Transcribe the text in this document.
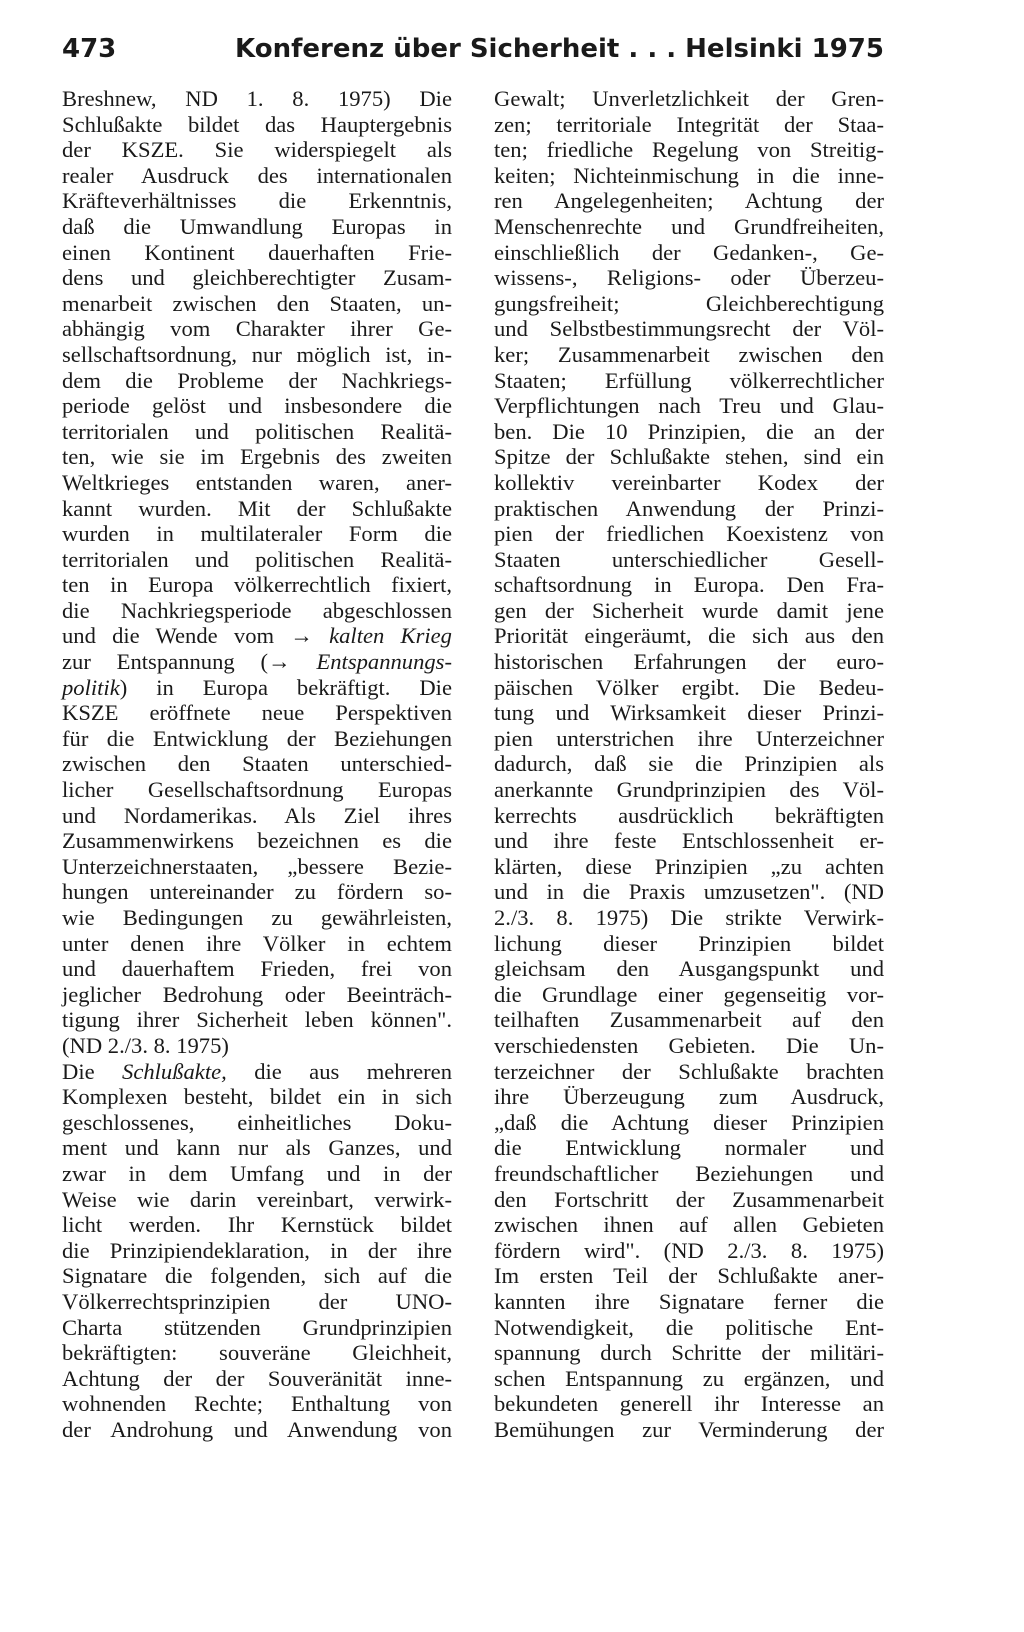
473	Konferenz über Sicherheit . . . Helsinki 1975
Breshnew, ND 1. 8. 1975) Die
Schlußakte bildet das Hauptergebnis
der KSZE. Sie widerspiegelt als
realer Ausdruck des internationalen
Kräfteverhältnisses die Erkenntnis,
daß die Umwandlung Europas in
einen Kontinent dauerhaften Frie-
dens und gleichberechtigter Zusam-
menarbeit zwischen den Staaten, un-
abhängig vom Charakter ihrer Ge-
sellschaftsordnung, nur möglich ist, in-
dem die Probleme der Nachkriegs-
periode gelöst und insbesondere die
territorialen und politischen Realitä-
ten, wie sie im Ergebnis des zweiten
Weltkrieges entstanden waren, aner-
kannt wurden. Mit der Schlußakte
wurden in multilateraler Form die
territorialen und politischen Realitä-
ten in Europa völkerrechtlich fixiert,
die Nachkriegsperiode abgeschlossen
und die Wende vom → kalten Krieg
zur Entspannung (→ Entspannungs-
politik) in Europa bekräftigt. Die
KSZE eröffnete neue Perspektiven
für die Entwicklung der Beziehungen
zwischen den Staaten unterschied-
licher Gesellschaftsordnung Europas
und Nordamerikas. Als Ziel ihres
Zusammenwirkens bezeichnen es die
Unterzeichnerstaaten, „bessere Bezie-
hungen untereinander zu fördern so-
wie Bedingungen zu gewährleisten,
unter denen ihre Völker in echtem
und dauerhaftem Frieden, frei von
jeglicher Bedrohung oder Beeinträch-
tigung ihrer Sicherheit leben können".
(ND 2./3. 8. 1975)
Die Schlußakte, die aus mehreren
Komplexen besteht, bildet ein in sich
geschlossenes, einheitliches Doku-
ment und kann nur als Ganzes, und
zwar in dem Umfang und in der
Weise wie darin vereinbart, verwirk-
licht werden. Ihr Kernstück bildet
die Prinzipiendeklaration, in der ihre
Signatare die folgenden, sich auf die
Völkerrechtsprinzipien der UNO-
Charta stützenden Grundprinzipien
bekräftigten: souveräne Gleichheit,
Achtung der der Souveränität inne-
wohnenden Rechte; Enthaltung von
der Androhung und Anwendung von
Gewalt; Unverletzlichkeit der Gren-
zen; territoriale Integrität der Staa-
ten; friedliche Regelung von Streitig-
keiten; Nichteinmischung in die inne-
ren Angelegenheiten; Achtung der
Menschenrechte und Grundfreiheiten,
einschließlich der Gedanken-, Ge-
wissens-, Religions- oder Überzeu-
gungsfreiheit; Gleichberechtigung
und Selbstbestimmungsrecht der Völ-
ker; Zusammenarbeit zwischen den
Staaten; Erfüllung völkerrechtlicher
Verpflichtungen nach Treu und Glau-
ben. Die 10 Prinzipien, die an der
Spitze der Schlußakte stehen, sind ein
kollektiv vereinbarter Kodex der
praktischen Anwendung der Prinzi-
pien der friedlichen Koexistenz von
Staaten unterschiedlicher Gesell-
schaftsordnung in Europa. Den Fra-
gen der Sicherheit wurde damit jene
Priorität eingeräumt, die sich aus den
historischen Erfahrungen der euro-
päischen Völker ergibt. Die Bedeu-
tung und Wirksamkeit dieser Prinzi-
pien unterstrichen ihre Unterzeichner
dadurch, daß sie die Prinzipien als
anerkannte Grundprinzipien des Völ-
kerrechts ausdrücklich bekräftigten
und ihre feste Entschlossenheit er-
klärten, diese Prinzipien „zu achten
und in die Praxis umzusetzen". (ND
2./3. 8. 1975) Die strikte Verwirk-
lichung dieser Prinzipien bildet
gleichsam den Ausgangspunkt und
die Grundlage einer gegenseitig vor-
teilhaften Zusammenarbeit auf den
verschiedensten Gebieten. Die Un-
terzeichner der Schlußakte brachten
ihre Überzeugung zum Ausdruck,
„daß die Achtung dieser Prinzipien
die Entwicklung normaler und
freundschaftlicher Beziehungen und
den Fortschritt der Zusammenarbeit
zwischen ihnen auf allen Gebieten
fördern wird". (ND 2./3. 8. 1975)
Im ersten Teil der Schlußakte aner-
kannten ihre Signatare ferner die
Notwendigkeit, die politische Ent-
spannung durch Schritte der militäri-
schen Entspannung zu ergänzen, und
bekundeten generell ihr Interesse an
Bemühungen zur Verminderung der
